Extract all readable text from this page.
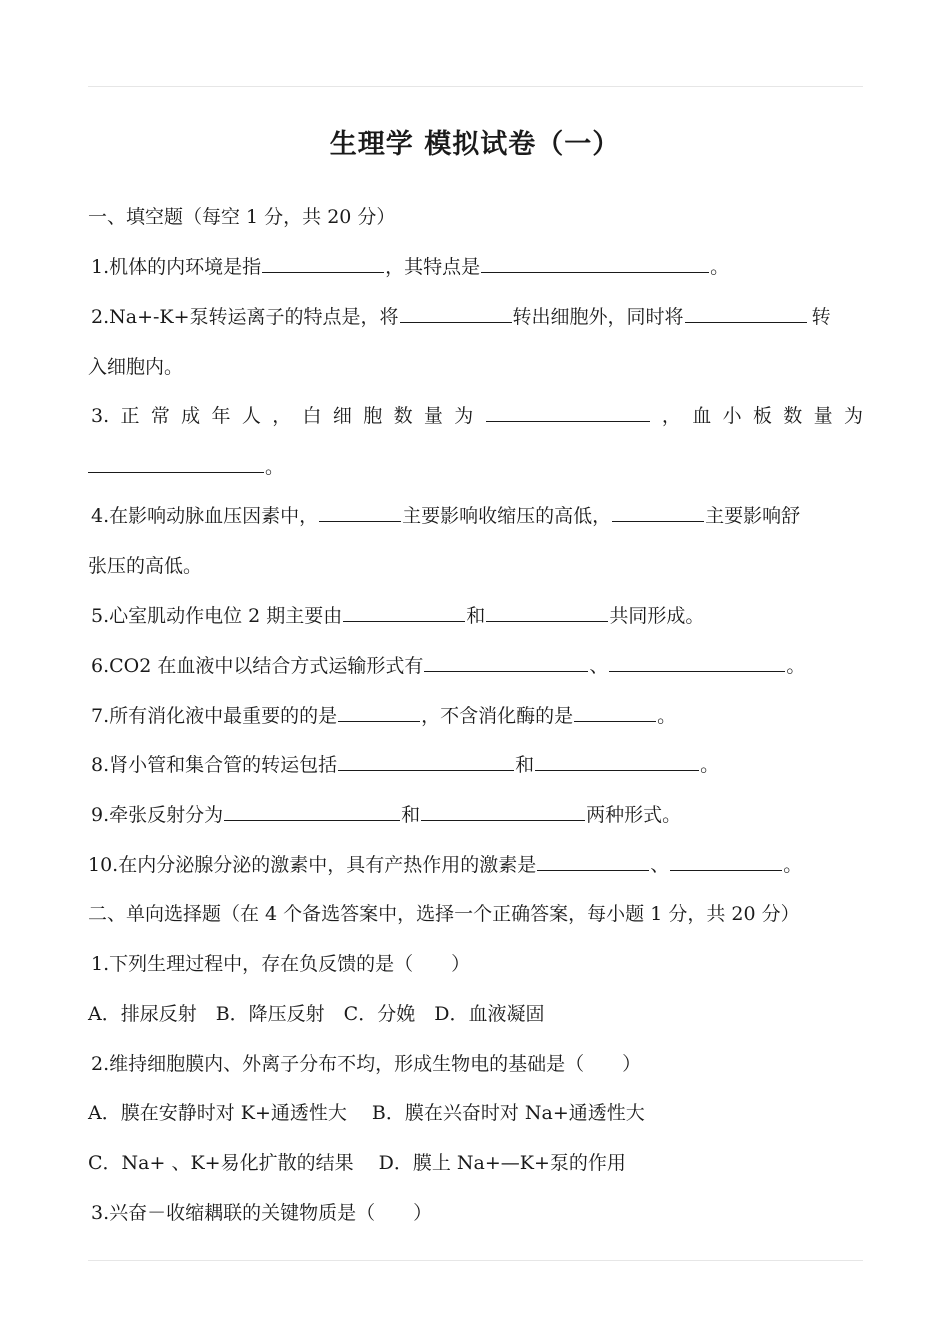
生理学 模拟试卷（一）
一、填空题（每空 1 分，共 20 分）
1.机体的内环境是指	，其特点是	。
2.Na+-K+泵转运离子的特点是，将	转出细胞外，同时将	转
入细胞内。
3. 正 常 成 年 人 ， 白 细 胞 数 量 为	， 血 小 板 数 量 为
。
4.在影响动脉血压因素中，	主要影响收缩压的高低，	主要影响舒
张压的高低。
5.心室肌动作电位 2 期主要由	和	共同形成。
6.CO2 在血液中以结合方式运输形式有	、	。
7.所有消化液中最重要的的是	，不含消化酶的是	。
8.肾小管和集合管的转运包括	和	。
9.牵张反射分为	和	两种形式。
10.在内分泌腺分泌的激素中，具有产热作用的激素是	、	。
二、单向选择题（在 4 个备选答案中，选择一个正确答案，每小题 1 分，共 20 分）
1.下列生理过程中，存在负反馈的是（　　）
A．排尿反射　B．降压反射　C．分娩　D．血液凝固
2.维持细胞膜内、外离子分布不均，形成生物电的基础是（　　）
A．膜在安静时对 K+通透性大　 B．膜在兴奋时对 Na+通透性大
C．Na+ 、K+易化扩散的结果　 D．膜上 Na+—K+泵的作用
3.兴奋－收缩耦联的关键物质是（　　）
